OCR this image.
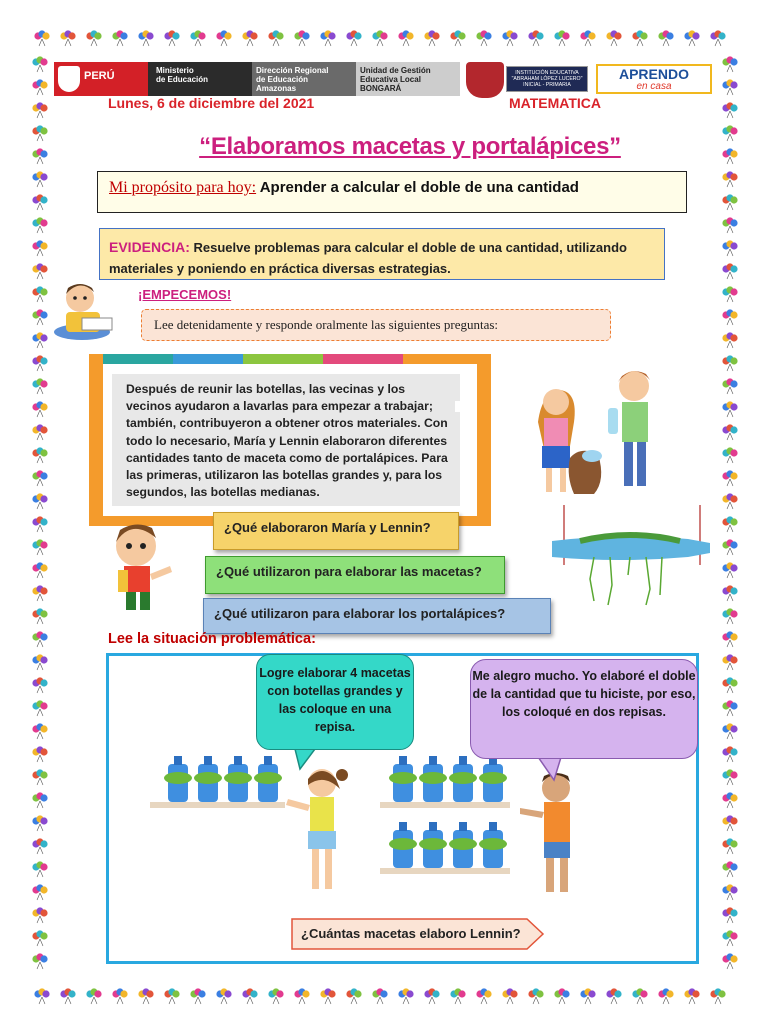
PERÚ	Ministerio
de Educación
Dirección Regional
de Educación
Amazonas
Unidad de Gestión
Educativa Local
BONGARÁ
INSTITUCIÓN EDUCATIVA
"ABRAHAM LÓPEZ LUCERO"
INICIAL - PRIMARIA
APRENDO
en casa
Lunes, 6 de diciembre del 2021	MATEMATICA
“Elaboramos macetas y portalápices”
Mi propósito para hoy: Aprender a calcular el doble de una cantidad
EVIDENCIA: Resuelve problemas para calcular el doble de una cantidad, utilizando materiales y poniendo en práctica diversas estrategias.
¡EMPECEMOS!
Lee detenidamente y responde oralmente las siguientes preguntas:
Después de reunir las botellas, las vecinas y los vecinos ayudaron a lavarlas para empezar a trabajar; también, contribuyeron a obtener otros materiales. Con todo lo necesario, María y Lennin elaboraron diferentes cantidades tanto de maceta como de portalápices. Para las primeras, utilizaron las botellas grandes y, para los segundos, las botellas medianas.
¿Qué elaboraron María y Lennin?
¿Qué utilizaron para elaborar las macetas?
¿Qué utilizaron para elaborar los portalápices?
Lee la situación problemática:
Logre elaborar 4 macetas con botellas grandes y las coloque en una repisa.
Me alegro mucho. Yo elaboré el doble de la cantidad que tu hiciste, por eso, los coloqué en dos repisas.
¿Cuántas macetas elaboro Lennin?
